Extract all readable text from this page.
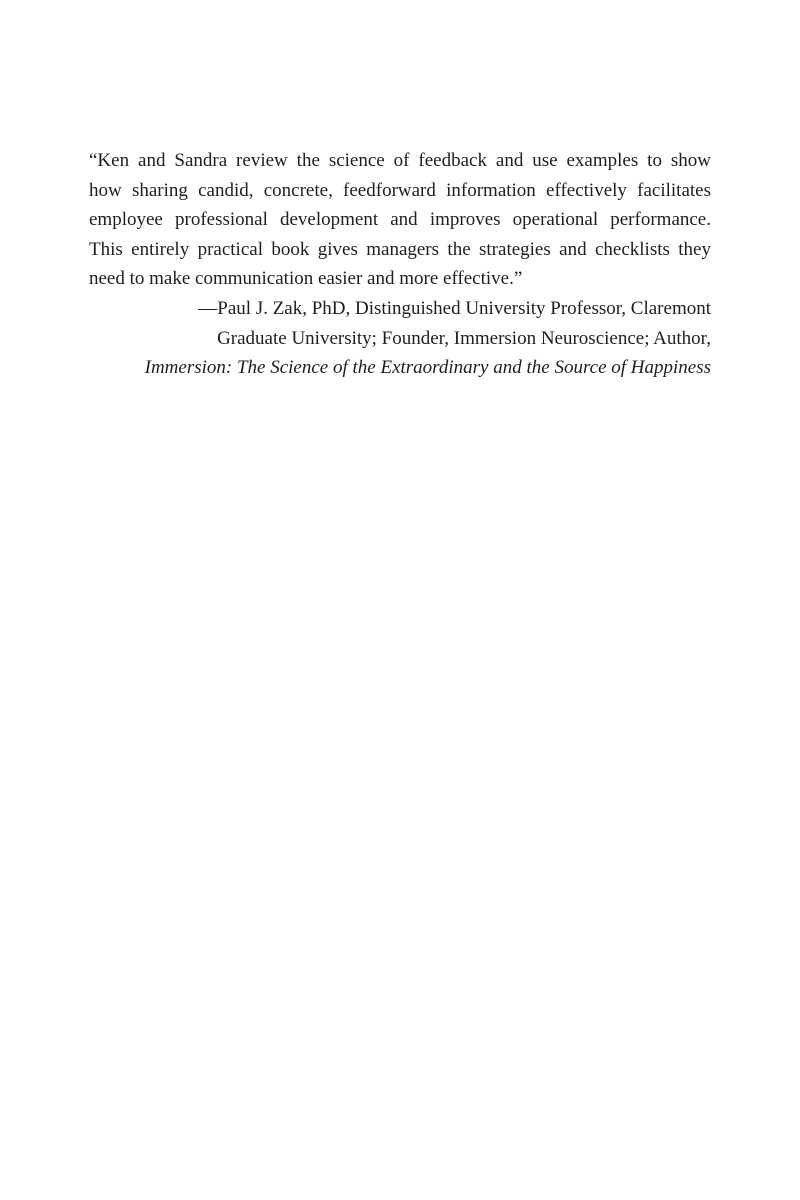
“Ken and Sandra review the science of feedback and use examples to show
how sharing candid, concrete, feedforward information effectively facilitates
employee professional development and improves operational performance.
This entirely practical book gives managers the strategies and checklists they
need to make communication easier and more effective.”

—Paul J. Zak, PhD, Distinguished University Professor, Claremont
Graduate University; Founder, Immersion Neuroscience; Author,
Immersion: The Science of the Extraordinary and the Source of Happiness
